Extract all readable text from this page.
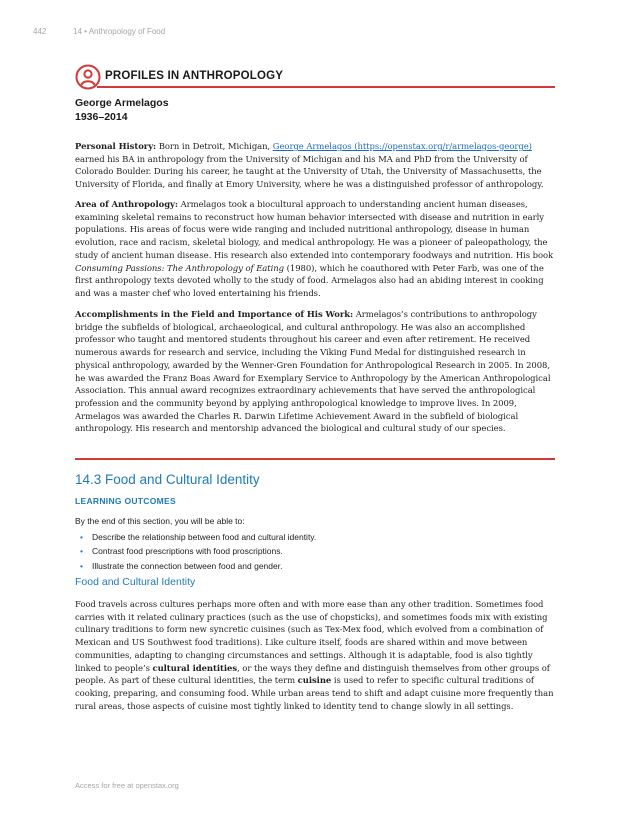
442	14 • Anthropology of Food
PROFILES IN ANTHROPOLOGY
George Armelagos
1936–2014

Personal History: Born in Detroit, Michigan, George Armelagos (https://openstax.org/r/armelagos-george) earned his BA in anthropology from the University of Michigan and his MA and PhD from the University of Colorado Boulder. During his career, he taught at the University of Utah, the University of Massachusetts, the University of Florida, and finally at Emory University, where he was a distinguished professor of anthropology.

Area of Anthropology: Armelagos took a biocultural approach to understanding ancient human diseases, examining skeletal remains to reconstruct how human behavior intersected with disease and nutrition in early populations. His areas of focus were wide ranging and included nutritional anthropology, disease in human evolution, race and racism, skeletal biology, and medical anthropology. He was a pioneer of paleopathology, the study of ancient human disease. His research also extended into contemporary foodways and nutrition. His book Consuming Passions: The Anthropology of Eating (1980), which he coauthored with Peter Farb, was one of the first anthropology texts devoted wholly to the study of food. Armelagos also had an abiding interest in cooking and was a master chef who loved entertaining his friends.

Accomplishments in the Field and Importance of His Work: Armelagos’s contributions to anthropology bridge the subfields of biological, archaeological, and cultural anthropology. He was also an accomplished professor who taught and mentored students throughout his career and even after retirement. He received numerous awards for research and service, including the Viking Fund Medal for distinguished research in physical anthropology, awarded by the Wenner-Gren Foundation for Anthropological Research in 2005. In 2008, he was awarded the Franz Boas Award for Exemplary Service to Anthropology by the American Anthropological Association. This annual award recognizes extraordinary achievements that have served the anthropological profession and the community beyond by applying anthropological knowledge to improve lives. In 2009, Armelagos was awarded the Charles R. Darwin Lifetime Achievement Award in the subfield of biological anthropology. His research and mentorship advanced the biological and cultural study of our species.

14.3 Food and Cultural Identity
LEARNING OUTCOMES
By the end of this section, you will be able to:
• Describe the relationship between food and cultural identity.
• Contrast food prescriptions with food proscriptions.
• Illustrate the connection between food and gender.
Food and Cultural Identity

Food travels across cultures perhaps more often and with more ease than any other tradition. Sometimes food carries with it related culinary practices (such as the use of chopsticks), and sometimes foods mix with existing culinary traditions to form new syncretic cuisines (such as Tex-Mex food, which evolved from a combination of Mexican and US Southwest food traditions). Like culture itself, foods are shared within and move between communities, adapting to changing circumstances and settings. Although it is adaptable, food is also tightly linked to people’s cultural identities, or the ways they define and distinguish themselves from other groups of people. As part of these cultural identities, the term cuisine is used to refer to specific cultural traditions of cooking, preparing, and consuming food. While urban areas tend to shift and adapt cuisine more frequently than rural areas, those aspects of cuisine most tightly linked to identity tend to change slowly in all settings.

Access for free at openstax.org
